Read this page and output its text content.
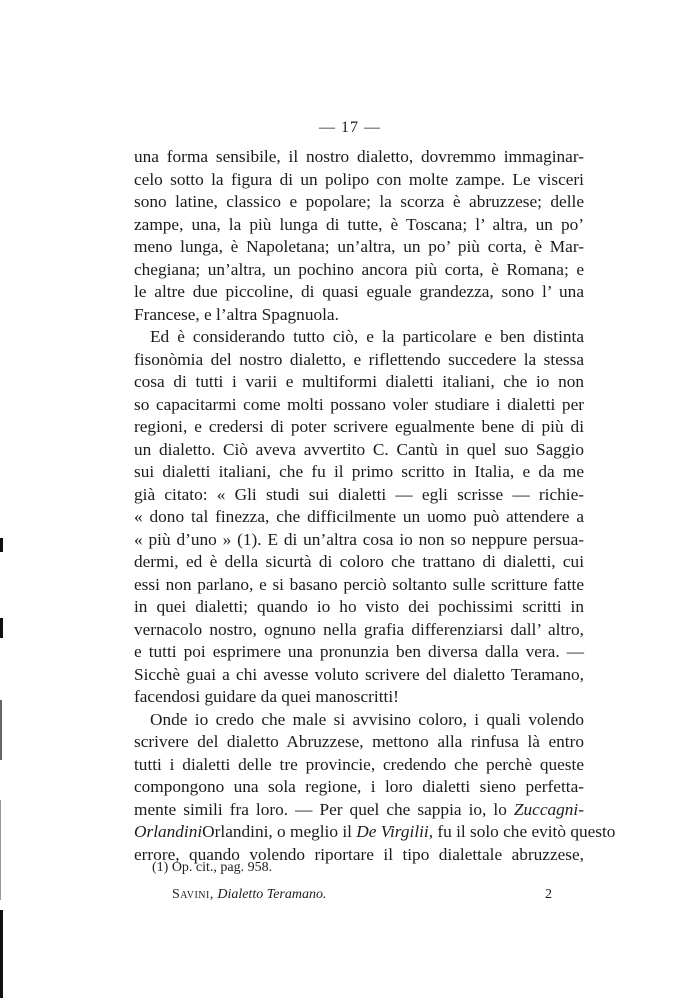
— 17 —
una forma sensibile, il nostro dialetto, dovremmo immaginar-
celo sotto la figura di un polipo con molte zampe. Le visceri
sono latine, classico e popolare; la scorza è abruzzese; delle
zampe, una, la più lunga di tutte, è Toscana; l’ altra, un po’
meno lunga, è Napoletana; un’altra, un po’ più corta, è Mar-
chegiana; un’altra, un pochino ancora più corta, è Romana; e
le altre due piccoline, di quasi eguale grandezza, sono l’ una
Francese, e l’altra Spagnuola.
Ed è considerando tutto ciò, e la particolare e ben distinta
fisonòmia del nostro dialetto, e riflettendo succedere la stessa
cosa di tutti i varii e multiformi dialetti italiani, che io non
so capacitarmi come molti possano voler studiare i dialetti per
regioni, e credersi di poter scrivere egualmente bene di più di
un dialetto. Ciò aveva avvertito C. Cantù in quel suo Saggio
sui dialetti italiani, che fu il primo scritto in Italia, e da me
già citato: « Gli studi sui dialetti — egli scrisse — richie-
« dono tal finezza, che difficilmente un uomo può attendere a
« più d’uno » (1). E di un’altra cosa io non so neppure persua-
dermi, ed è della sicurtà di coloro che trattano di dialetti, cui
essi non parlano, e si basano perciò soltanto sulle scritture fatte
in quei dialetti; quando io ho visto dei pochissimi scritti in
vernacolo nostro, ognuno nella grafia differenziarsi dall’ altro,
e tutti poi esprimere una pronunzia ben diversa dalla vera. —
Sicchè guai a chi avesse voluto scrivere del dialetto Teramano,
facendosi guidare da quei manoscritti!
Onde io credo che male si avvisino coloro, i quali volendo
scrivere del dialetto Abruzzese, mettono alla rinfusa là entro
tutti i dialetti delle tre provincie, credendo che perchè queste
compongono una sola regione, i loro dialetti sieno perfetta-
mente simili fra loro. — Per quel che sappia io, lo Zuccagni-
OrlandiniOrlandini, o meglio il De Virgilii, fu il solo che evitò questo
errore, quando volendo riportare il tipo dialettale abruzzese,
(1) Op. cit., pag. 958.
Savini, Dialetto Teramano.	2
